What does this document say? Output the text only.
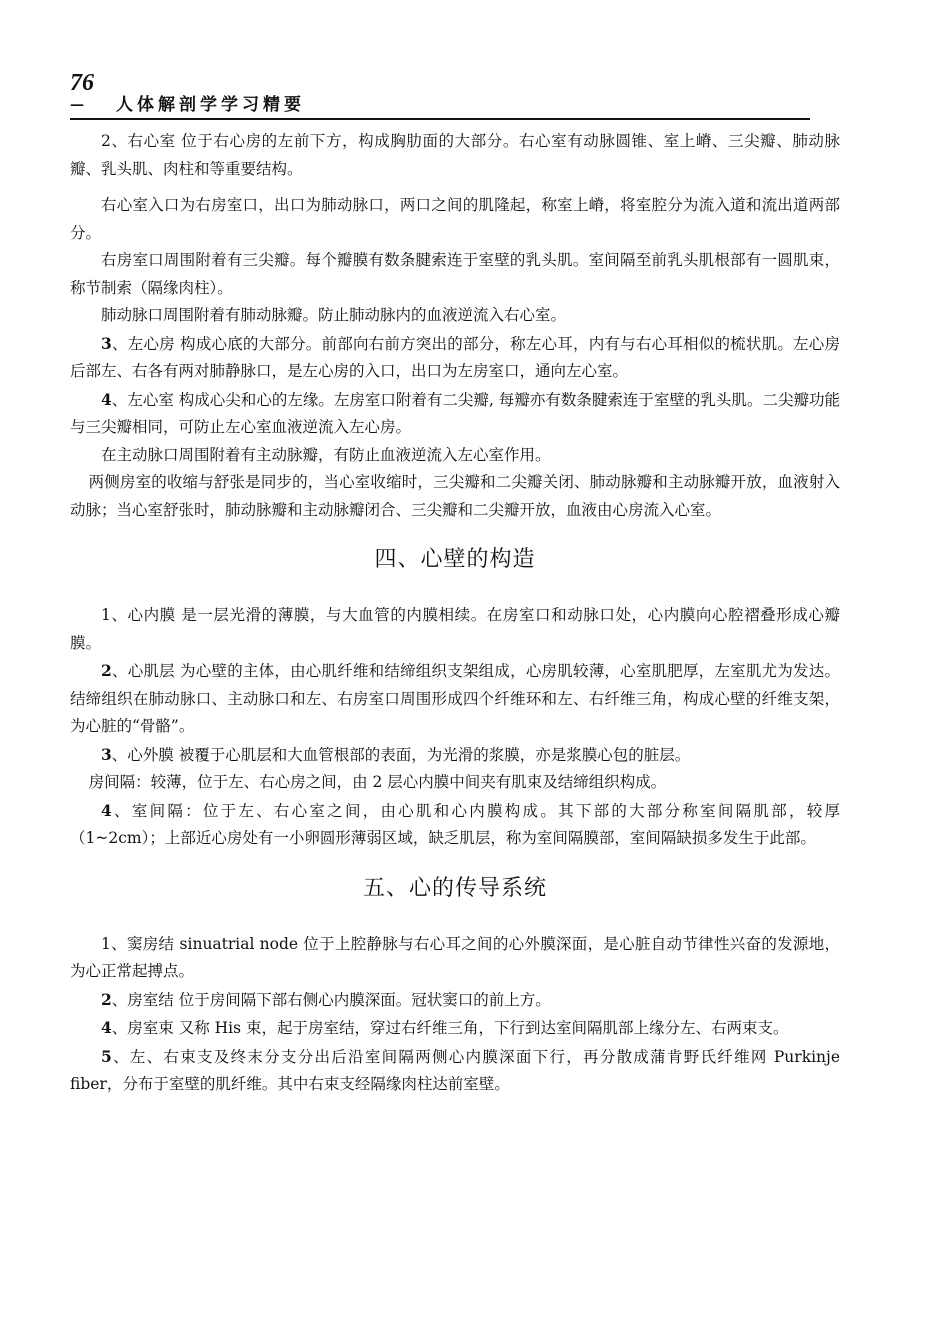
76
— 人体解剖学学习精要

2、右心室 位于右心房的左前下方，构成胸肋面的大部分。右心室有动脉圆锥、室上嵴、三尖瓣、肺动脉瓣、乳头肌、肉柱和等重要结构。

右心室入口为右房室口，出口为肺动脉口，两口之间的肌隆起，称室上嵴，将室腔分为流入道和流出道两部分。

右房室口周围附着有三尖瓣。每个瓣膜有数条腱索连于室壁的乳头肌。室间隔至前乳头肌根部有一圆肌束，称节制索（隔缘肉柱）。

肺动脉口周围附着有肺动脉瓣。防止肺动脉内的血液逆流入右心室。

3、左心房 构成心底的大部分。前部向右前方突出的部分，称左心耳，内有与右心耳相似的梳状肌。左心房后部左、右各有两对肺静脉口，是左心房的入口，出口为左房室口，通向左心室。

4、左心室 构成心尖和心的左缘。左房室口附着有二尖瓣, 每瓣亦有数条腱索连于室壁的乳头肌。二尖瓣功能与三尖瓣相同，可防止左心室血液逆流入左心房。

在主动脉口周围附着有主动脉瓣，有防止血液逆流入左心室作用。

两侧房室的收缩与舒张是同步的，当心室收缩时，三尖瓣和二尖瓣关闭、肺动脉瓣和主动脉瓣开放，血液射入动脉；当心室舒张时，肺动脉瓣和主动脉瓣闭合、三尖瓣和二尖瓣开放，血液由心房流入心室。

四、心壁的构造

1、心内膜 是一层光滑的薄膜，与大血管的内膜相续。在房室口和动脉口处，心内膜向心腔褶叠形成心瓣膜。

2、心肌层 为心壁的主体，由心肌纤维和结缔组织支架组成，心房肌较薄，心室肌肥厚，左室肌尤为发达。结缔组织在肺动脉口、主动脉口和左、右房室口周围形成四个纤维环和左、右纤维三角，构成心壁的纤维支架，为心脏的“骨骼”。

3、心外膜 被覆于心肌层和大血管根部的表面，为光滑的浆膜，亦是浆膜心包的脏层。

房间隔：较薄，位于左、右心房之间，由 2 层心内膜中间夹有肌束及结缔组织构成。

4、室间隔：位于左、右心室之间，由心肌和心内膜构成。其下部的大部分称室间隔肌部，较厚（1~2cm）；上部近心房处有一小卵圆形薄弱区域，缺乏肌层，称为室间隔膜部，室间隔缺损多发生于此部。

五、心的传导系统

1、窦房结 sinuatrial node 位于上腔静脉与右心耳之间的心外膜深面，是心脏自动节律性兴奋的发源地，为心正常起搏点。

2、房室结 位于房间隔下部右侧心内膜深面。冠状窦口的前上方。

4、房室束 又称 His 束，起于房室结，穿过右纤维三角，下行到达室间隔肌部上缘分左、右两束支。

5、左、右束支及终末分支分出后沿室间隔两侧心内膜深面下行，再分散成蒲肯野氏纤维网 Purkinje fiber，分布于室壁的肌纤维。其中右束支经隔缘肉柱达前室壁。
